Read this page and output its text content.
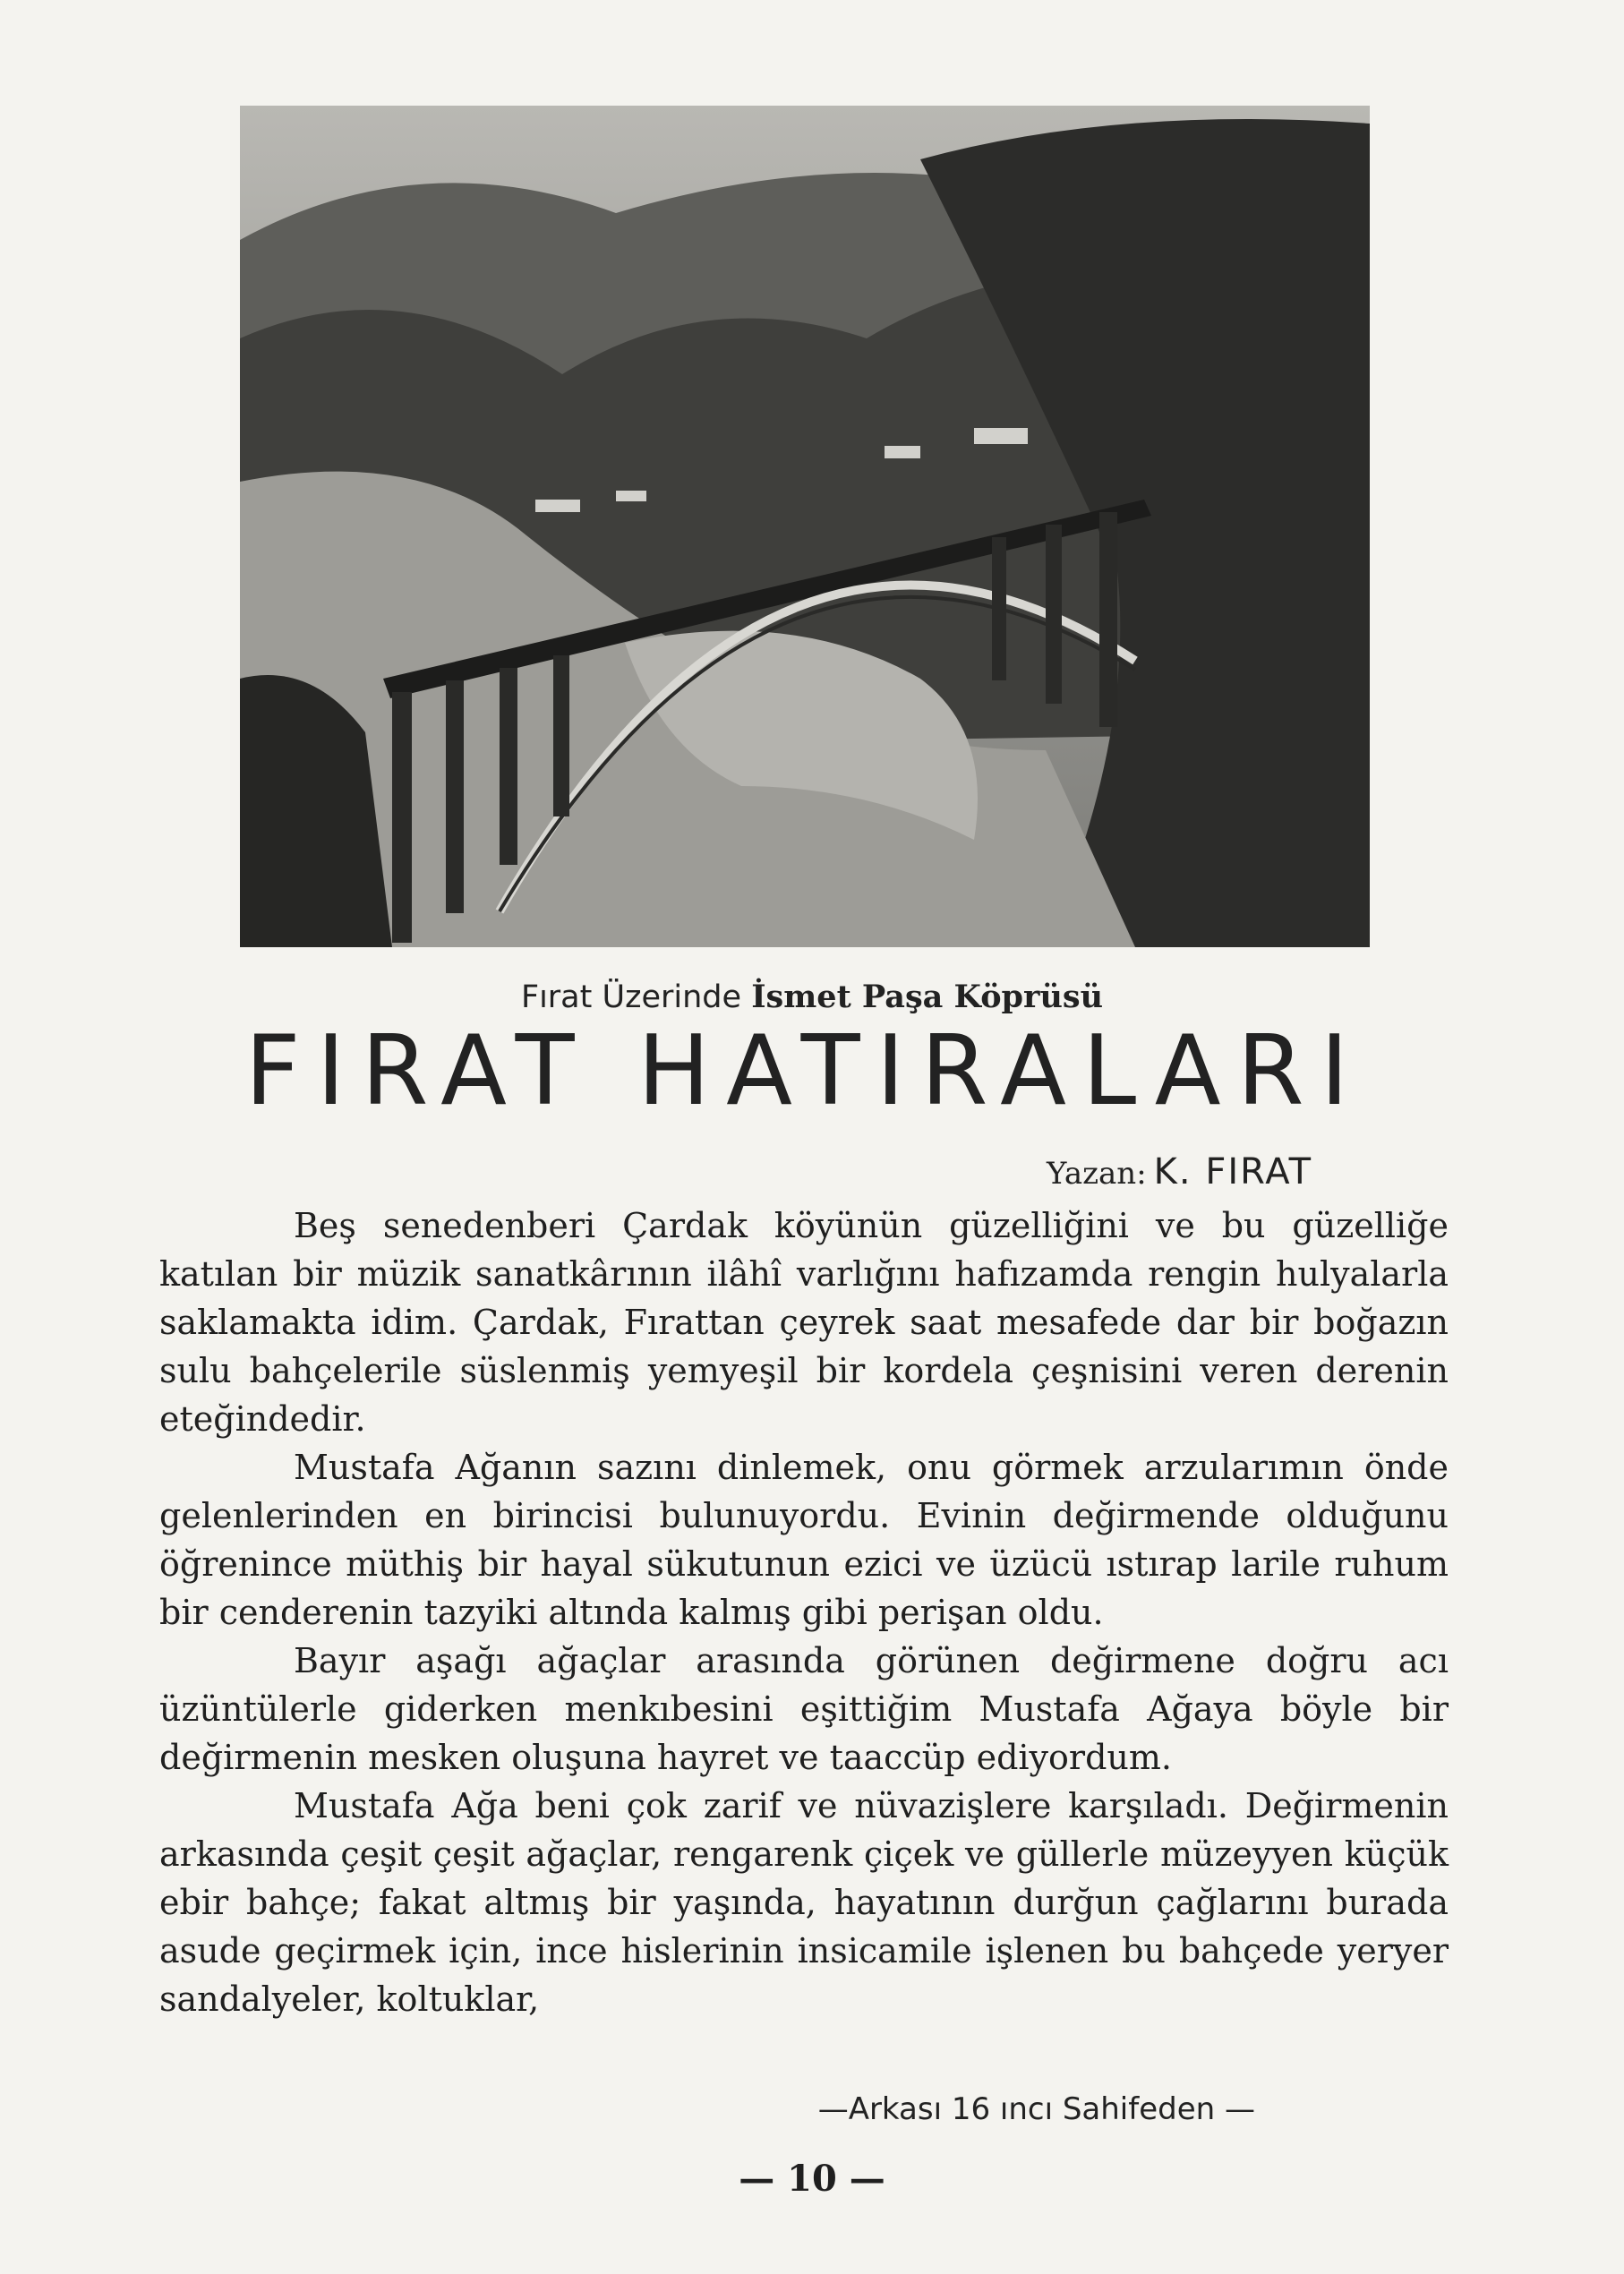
Fırat Üzerinde İsmet Paşa Köprüsü
FIRAT HATIRALARI
Yazan: K. FIRAT

Beş senedenberi Çardak köyünün güzelliğini ve bu güzelliğe katılan bir müzik sanatkârının ilâhî varlığını hafızamda rengin hulyalarla saklamakta idim. Çardak, Fırattan çeyrek saat mesafede dar bir boğazın sulu bahçelerile süslenmiş yemyeşil bir kordela çeşnisini veren derenin eteğindedir.

Mustafa Ağanın sazını dinlemek, onu görmek arzularımın önde gelenlerinden en birincisi bulunuyordu. Evinin değirmende olduğunu öğrenince müthiş bir hayal sükutunun ezici ve üzücü ıstırap larile ruhum bir cenderenin tazyiki altında kalmış gibi perişan oldu.

Bayır aşağı ağaçlar arasında görünen değirmene doğru acı üzüntülerle giderken menkıbesini eşittiğim Mustafa Ağaya böyle bir değirmenin mesken oluşuna hayret ve taaccüp ediyordum.

Mustafa Ağa beni çok zarif ve nüvazişlere karşıladı. Değirmenin arkasında çeşit çeşit ağaçlar, rengarenk çiçek ve güllerle müzeyyen küçük ebir bahçe; fakat altmış bir yaşında, hayatının durğun çağlarını burada asude geçirmek için, ince hislerinin insicamile işlenen bu bahçede yeryer sandalyeler, koltuklar,

—Arkası 16 ıncı Sahifeden —
— 10 —
